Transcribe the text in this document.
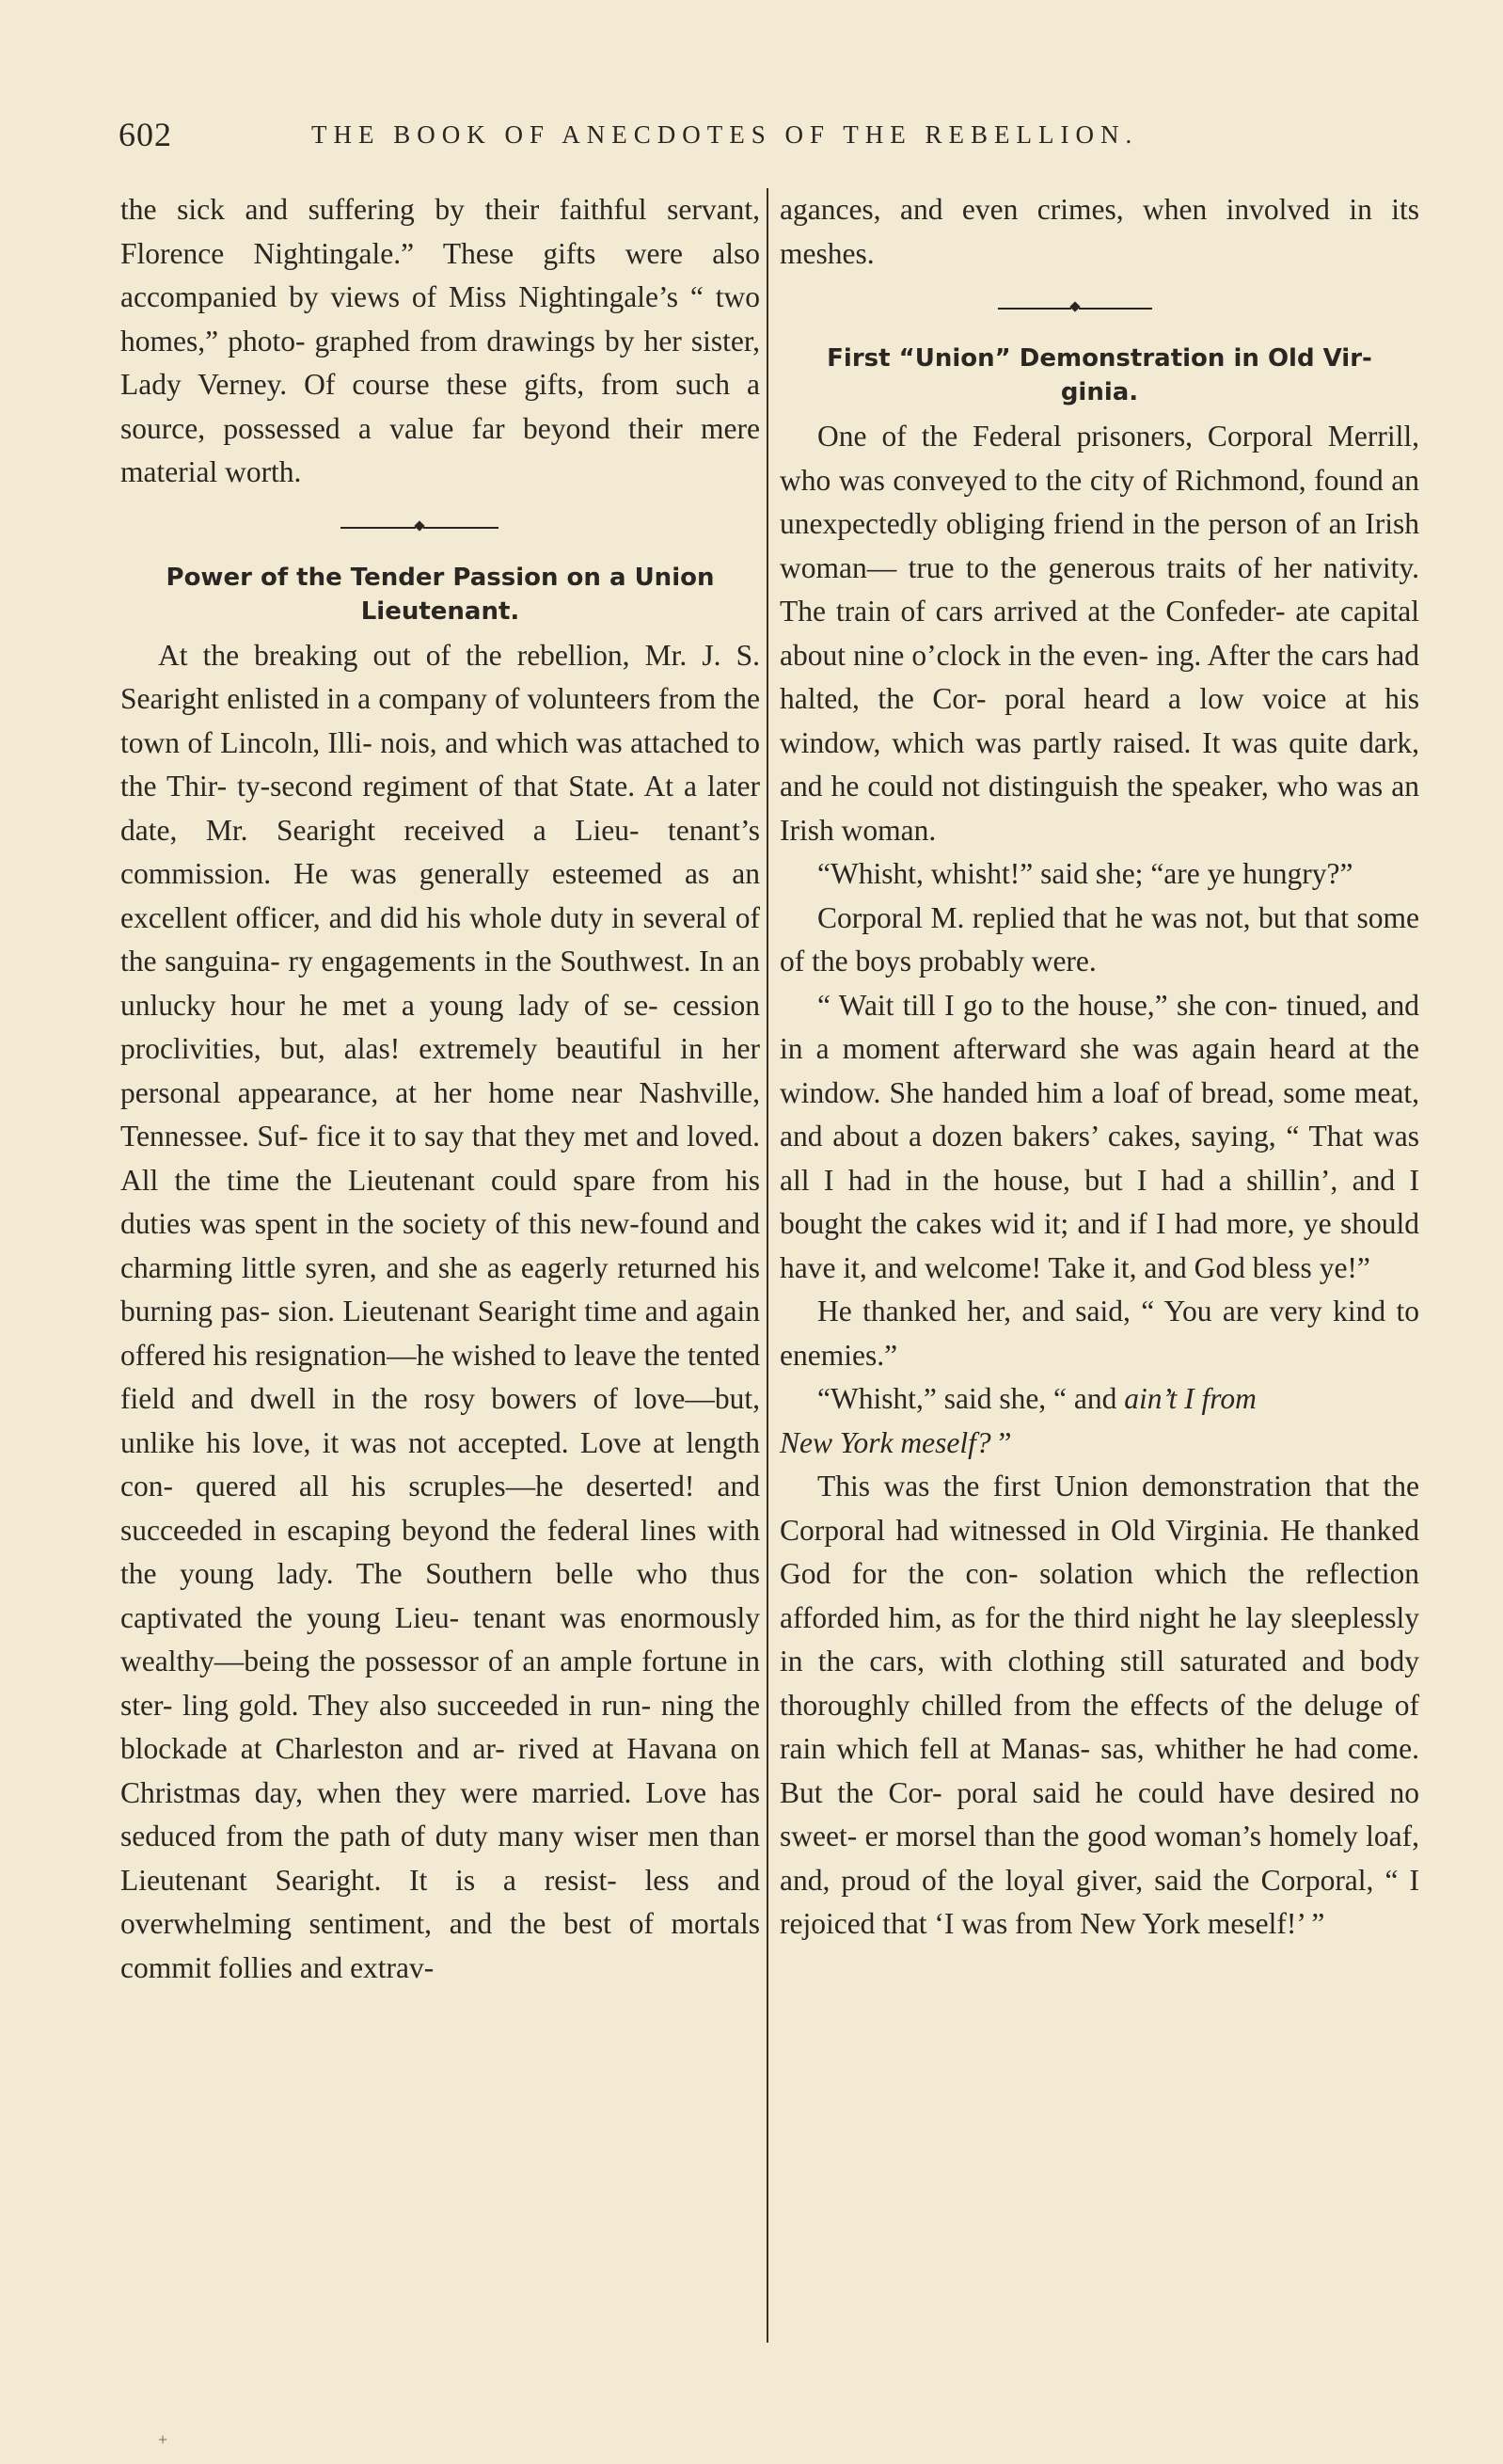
602	THE BOOK OF ANECDOTES OF THE REBELLION.

the sick and suffering by their faithful servant, Florence Nightingale.” These gifts were also accompanied by views of Miss Nightingale’s “ two homes,” photo- graphed from drawings by her sister, Lady Verney. Of course these gifts, from such a source, possessed a value far beyond their mere material worth.

Power of the Tender Passion on a Union
Lieutenant.

At the breaking out of the rebellion, Mr. J. S. Searight enlisted in a company of volunteers from the town of Lincoln, Illi- nois, and which was attached to the Thir- ty-second regiment of that State. At a later date, Mr. Searight received a Lieu- tenant’s commission. He was generally esteemed as an excellent officer, and did his whole duty in several of the sanguina- ry engagements in the Southwest. In an unlucky hour he met a young lady of se- cession proclivities, but, alas! extremely beautiful in her personal appearance, at her home near Nashville, Tennessee. Suf- fice it to say that they met and loved. All the time the Lieutenant could spare from his duties was spent in the society of this new-found and charming little syren, and she as eagerly returned his burning pas- sion. Lieutenant Searight time and again offered his resignation—he wished to leave the tented field and dwell in the rosy bowers of love—but, unlike his love, it was not accepted. Love at length con- quered all his scruples—he deserted! and succeeded in escaping beyond the federal lines with the young lady. The Southern belle who thus captivated the young Lieu- tenant was enormously wealthy—being the possessor of an ample fortune in ster- ling gold. They also succeeded in run- ning the blockade at Charleston and ar- rived at Havana on Christmas day, when they were married. Love has seduced from the path of duty many wiser men than Lieutenant Searight. It is a resist- less and overwhelming sentiment, and the best of mortals commit follies and extrav-

agances, and even crimes, when involved in its meshes.

First “Union” Demonstration in Old Vir-
ginia.

One of the Federal prisoners, Corporal Merrill, who was conveyed to the city of Richmond, found an unexpectedly obliging friend in the person of an Irish woman— true to the generous traits of her nativity. The train of cars arrived at the Confeder- ate capital about nine o’clock in the even- ing. After the cars had halted, the Cor- poral heard a low voice at his window, which was partly raised. It was quite dark, and he could not distinguish the speaker, who was an Irish woman.

“Whisht, whisht!” said she; “are ye hungry?”

Corporal M. replied that he was not, but that some of the boys probably were.

“ Wait till I go to the house,” she con- tinued, and in a moment afterward she was again heard at the window. She handed him a loaf of bread, some meat, and about a dozen bakers’ cakes, saying, “ That was all I had in the house, but I had a shillin’, and I bought the cakes wid it; and if I had more, ye should have it, and welcome! Take it, and God bless ye!”

He thanked her, and said, “ You are very kind to enemies.”

“Whisht,” said she, “ and ain’t I from
New York meself? ”

This was the first Union demonstration that the Corporal had witnessed in Old Virginia. He thanked God for the con- solation which the reflection afforded him, as for the third night he lay sleeplessly in the cars, with clothing still saturated and body thoroughly chilled from the effects of the deluge of rain which fell at Manas- sas, whither he had come. But the Cor- poral said he could have desired no sweet- er morsel than the good woman’s homely loaf, and, proud of the loyal giver, said the Corporal, “ I rejoiced that ‘I was from New York meself!’ ”

+
